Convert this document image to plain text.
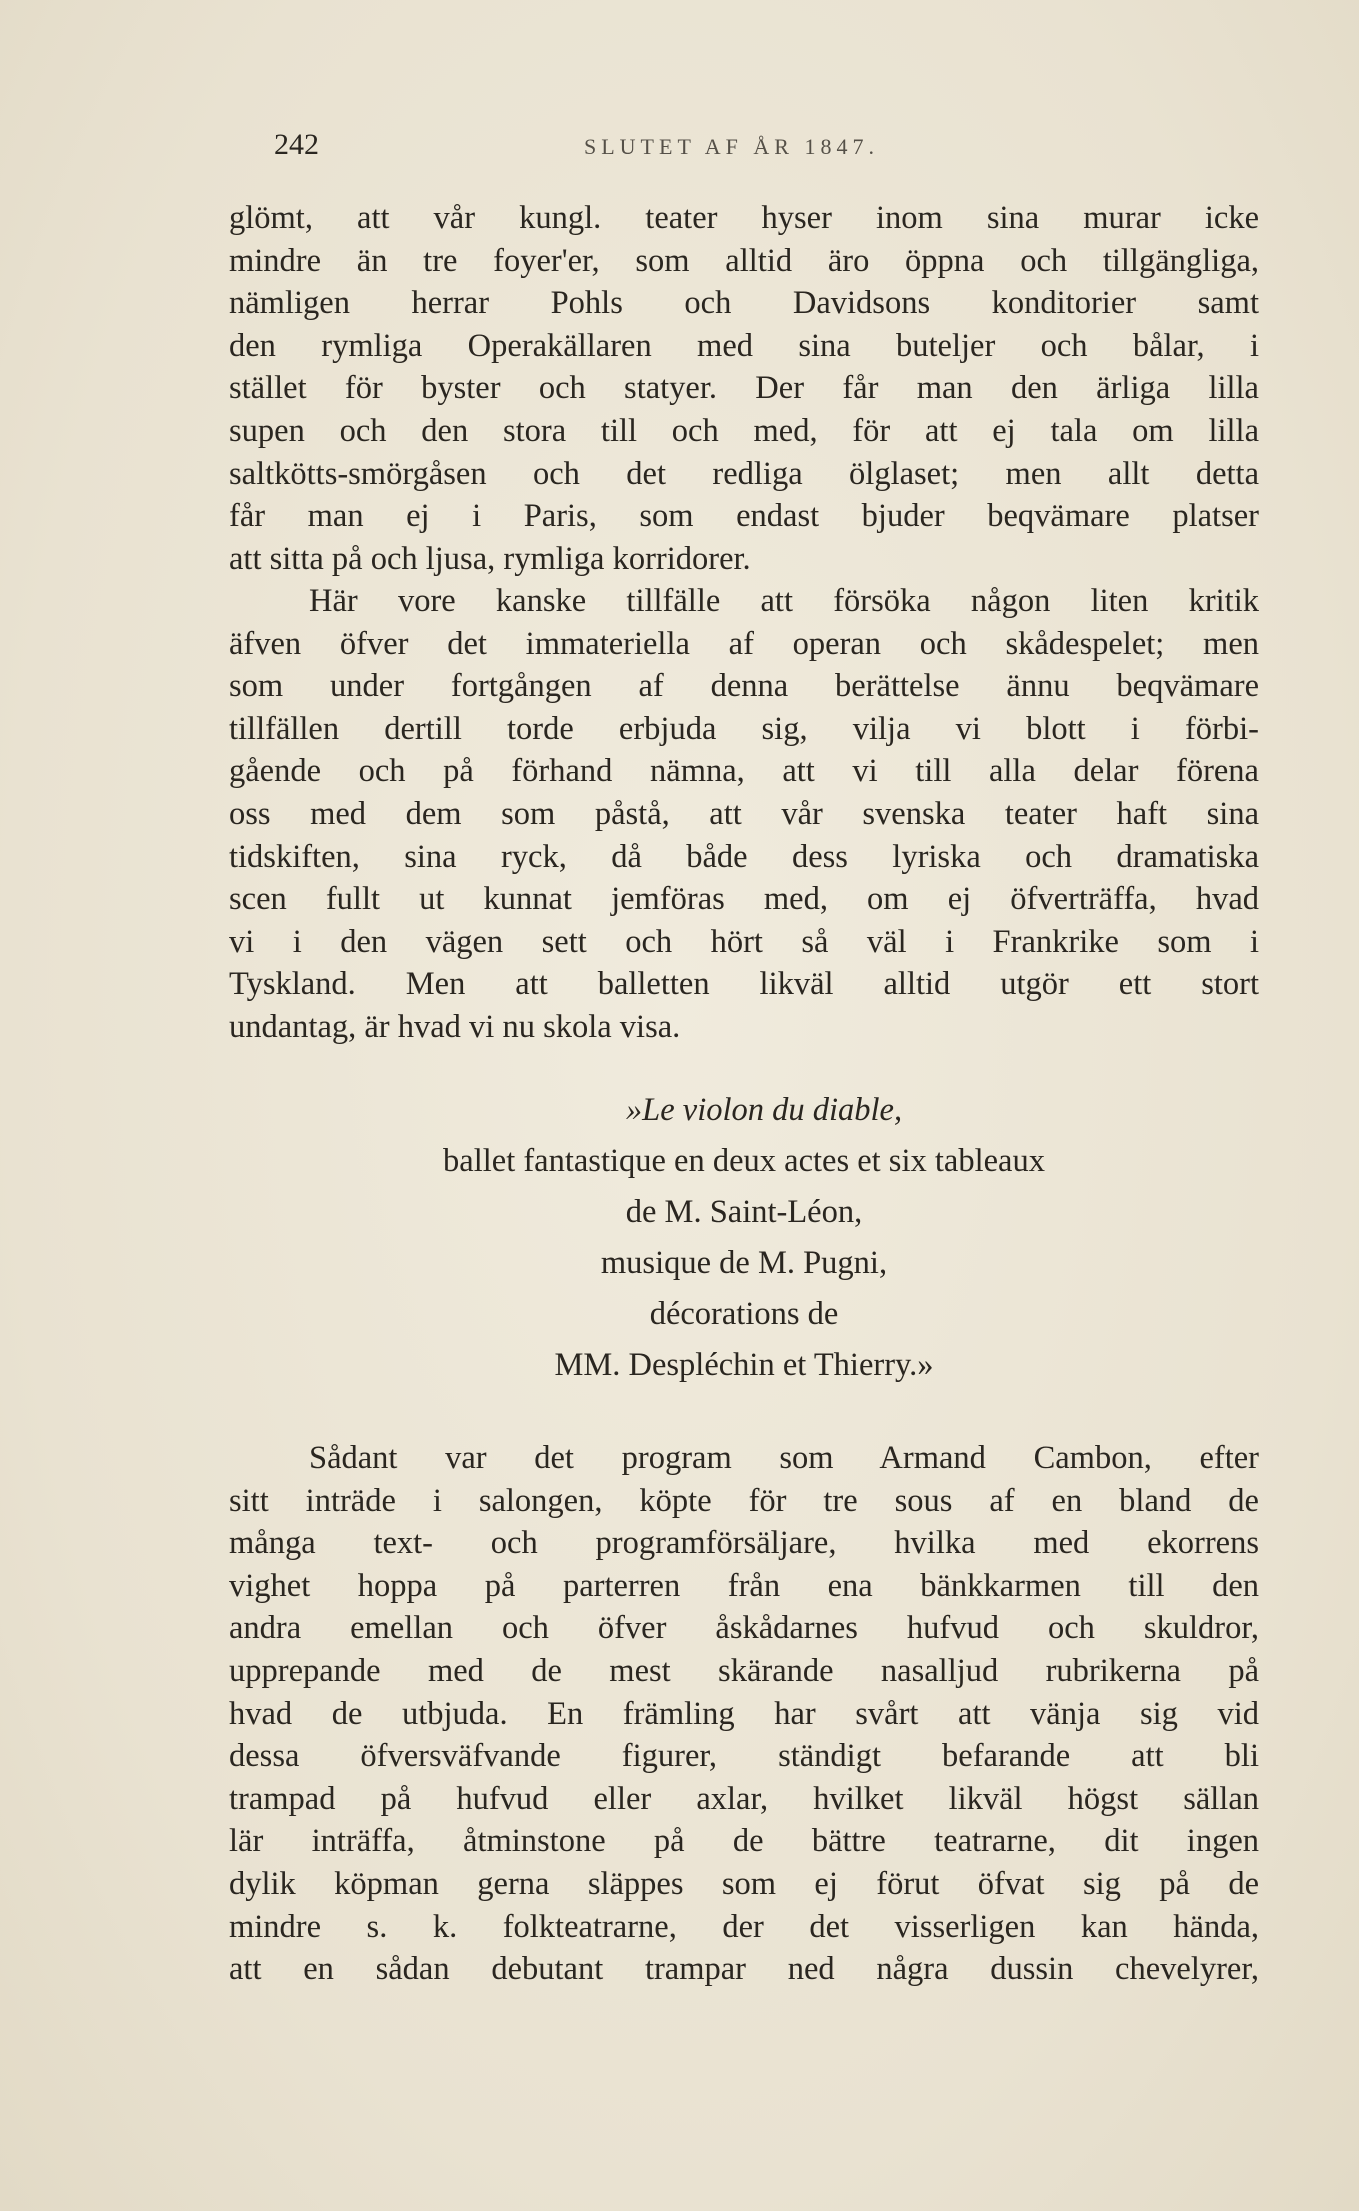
242	SLUTET AF ÅR 1847.
glömt, att vår kungl. teater hyser inom sina murar icke
mindre än tre foyer'er, som alltid äro öppna och tillgängliga,
nämligen herrar Pohls och Davidsons konditorier samt
den rymliga Operakällaren med sina buteljer och bålar, i
stället för byster och statyer. Der får man den ärliga lilla
supen och den stora till och med, för att ej tala om lilla
saltkötts-smörgåsen och det redliga ölglaset; men allt detta
får man ej i Paris, som endast bjuder beqvämare platser
att sitta på och ljusa, rymliga korridorer.
Här vore kanske tillfälle att försöka någon liten kritik
äfven öfver det immateriella af operan och skådespelet; men
som under fortgången af denna berättelse ännu beqvämare
tillfällen dertill torde erbjuda sig, vilja vi blott i förbi-
gående och på förhand nämna, att vi till alla delar förena
oss med dem som påstå, att vår svenska teater haft sina
tidskiften, sina ryck, då både dess lyriska och dramatiska
scen fullt ut kunnat jemföras med, om ej öfverträffa, hvad
vi i den vägen sett och hört så väl i Frankrike som i
Tyskland. Men att balletten likväl alltid utgör ett stort
undantag, är hvad vi nu skola visa.
»Le violon du diable,
ballet fantastique en deux actes et six tableaux
de M. Saint-Léon,
musique de M. Pugni,
décorations de
MM. Despléchin et Thierry.»
Sådant var det program som Armand Cambon, efter
sitt inträde i salongen, köpte för tre sous af en bland de
många text- och programförsäljare, hvilka med ekorrens
vighet hoppa på parterren från ena bänkkarmen till den
andra emellan och öfver åskådarnes hufvud och skuldror,
upprepande med de mest skärande nasalljud rubrikerna på
hvad de utbjuda. En främling har svårt att vänja sig vid
dessa öfversväfvande figurer, ständigt befarande att bli
trampad på hufvud eller axlar, hvilket likväl högst sällan
lär inträffa, åtminstone på de bättre teatrarne, dit ingen
dylik köpman gerna släppes som ej förut öfvat sig på de
mindre s. k. folkteatrarne, der det visserligen kan hända,
att en sådan debutant trampar ned några dussin chevelyrer,
